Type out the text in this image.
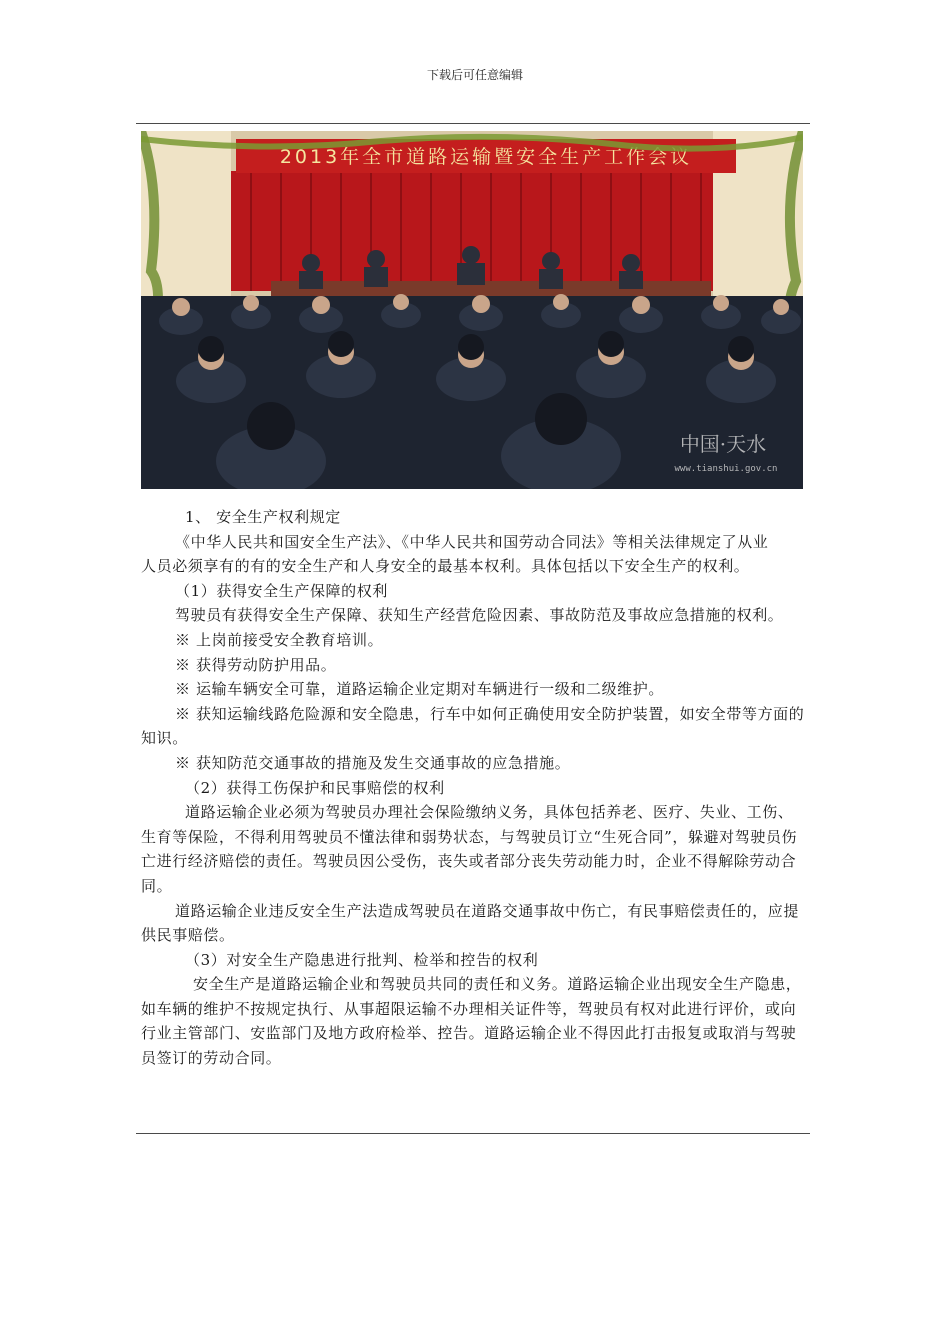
下载后可任意编辑
2013年全市道路运输暨安全生产工作会议
中国·天水
www.tianshui.gov.cn

1、 安全生产权利规定

《中华人民共和国安全生产法》、《中华人民共和国劳动合同法》等相关法律规定了从业

人员必须享有的有的安全生产和人身安全的最基本权利。具体包括以下安全生产的权利。

（1）获得安全生产保障的权利

驾驶员有获得安全生产保障、获知生产经营危险因素、事故防范及事故应急措施的权利。

※ 上岗前接受安全教育培训。

※ 获得劳动防护用品。

※ 运输车辆安全可靠，道路运输企业定期对车辆进行一级和二级维护。

※ 获知运输线路危险源和安全隐患，行车中如何正确使用安全防护装置，如安全带等方面的知识。

※ 获知防范交通事故的措施及发生交通事故的应急措施。

（2）获得工伤保护和民事赔偿的权利

道路运输企业必须为驾驶员办理社会保险缴纳义务，具体包括养老、医疗、失业、工伤、生育等保险，不得利用驾驶员不懂法律和弱势状态，与驾驶员订立“生死合同”，躲避对驾驶员伤亡进行经济赔偿的责任。驾驶员因公受伤，丧失或者部分丧失劳动能力时，企业不得解除劳动合同。

道路运输企业违反安全生产法造成驾驶员在道路交通事故中伤亡，有民事赔偿责任的，应提供民事赔偿。

（3）对安全生产隐患进行批判、检举和控告的权利

安全生产是道路运输企业和驾驶员共同的责任和义务。道路运输企业出现安全生产隐患，如车辆的维护不按规定执行、从事超限运输不办理相关证件等，驾驶员有权对此进行评价，或向行业主管部门、安监部门及地方政府检举、控告。道路运输企业不得因此打击报复或取消与驾驶员签订的劳动合同。
